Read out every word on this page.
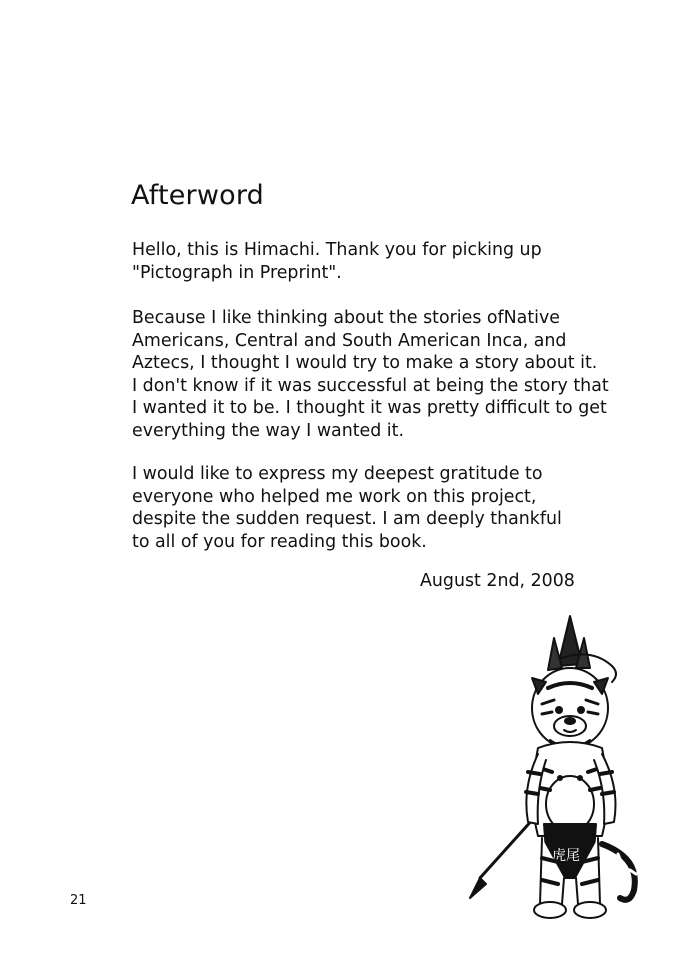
Afterword
Hello, this is Himachi. Thank you for picking up
"Pictograph in Preprint".
Because I like thinking about the stories ofNative
Americans, Central and South American Inca, and
Aztecs, I thought I would try to make a story about it.
I don't know if it was successful at being the story that
I wanted it to be. I thought it was pretty difficult to get
everything the way I wanted it.
I would like to express my deepest gratitude to
everyone who helped me work on this project,
despite the sudden request. I am deeply thankful
to all of you for reading this book.
August 2nd, 2008
21
虎尾
